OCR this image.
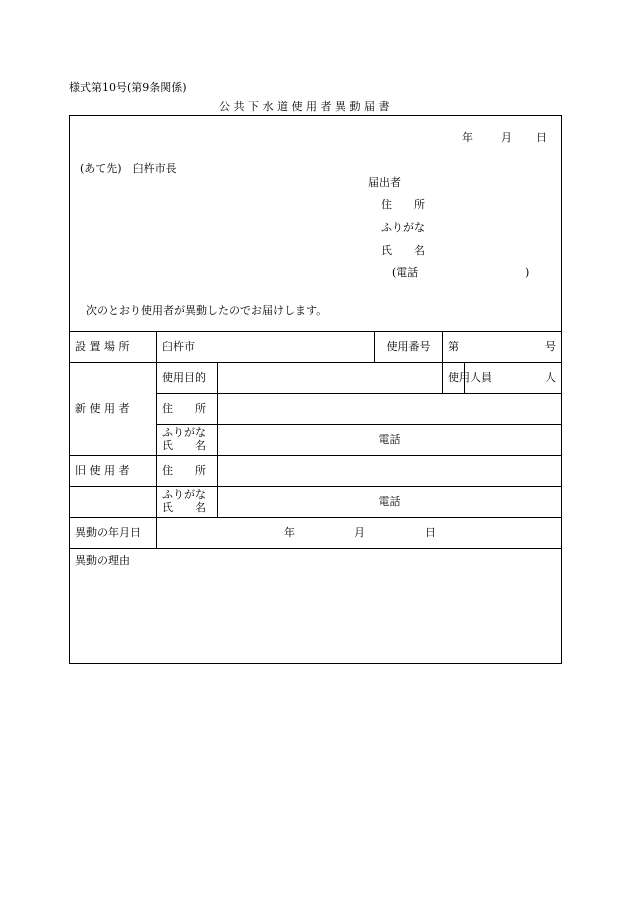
様式第10号(第9条関係)
公 共 下 水 道 使 用 者 異 動 届 書
年	月 日
(あて先)　臼杵市長
届出者
住　　所
ふりがな
氏　　名
(電話	)
次のとおり使用者が異動したのでお届けします。
設 置 場 所	臼杵市		使用番号	第 号	

新 使 用 者	使用目的			使用人員	人
	住　　所				

	ふりがな
氏　　名	電話			
旧 使 用 者	住　　所				

	ふりがな
氏　　名	電話			
異動の年月日	年 月 日				

異動の理由					
